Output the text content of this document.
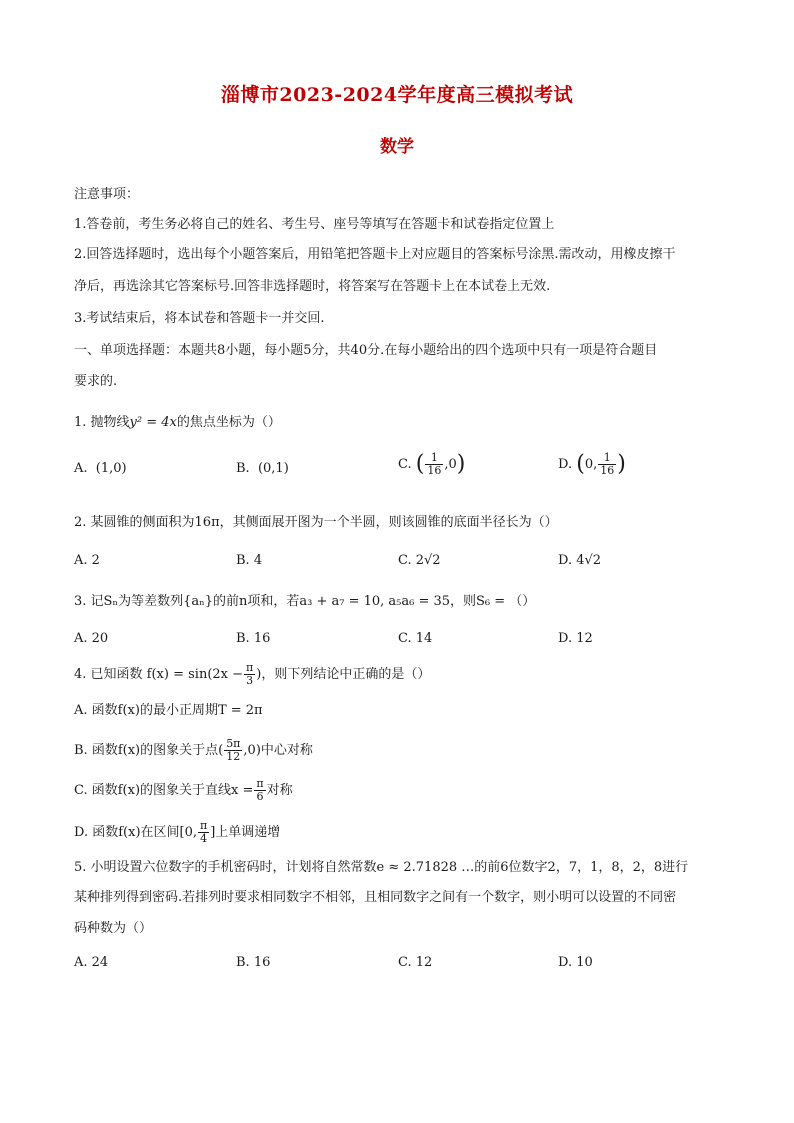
淄博市2023-2024学年度高三模拟考试
数学
注意事项：
1.答卷前，考生务必将自己的姓名、考生号、座号等填写在答题卡和试卷指定位置上
2.回答选择题时，选出每个小题答案后，用铅笔把答题卡上对应题目的答案标号涂黑.需改动，用橡皮擦干
净后，再选涂其它答案标号.回答非选择题时，将答案写在答题卡上在本试卷上无效.
3.考试结束后，将本试卷和答题卡一并交回.
一、单项选择题：本题共8小题，每小题5分，共40分.在每小题给出的四个选项中只有一项是符合题目
要求的.
1. 抛物线y² = 4x的焦点坐标为（）
A. (1,0)	B. (0,1)	C. ( $\frac{1}{16} ,0$)	D. (0, $\frac{1}{16}$ )
2. 某圆锥的侧面积为16π，其侧面展开图为一个半圆，则该圆锥的底面半径长为（）
A. 2	B. 4	C. 2√2	D. 4√2
3. 记Sₙ为等差数列{aₙ}的前n项和，若a₃ + a₇ = 10, a₅a₆ = 35，则S₆ = （）
A. 20	B. 16	C. 14	D. 12
4. 已知函数 $f(x) = \sin(2x - \frac{\pi}{3}$ )，则下列结论中正确的是（）
A. 函数f(x)的最小正周期T = 2π
B. 函数f(x)的图象关于点( $\frac{5\pi}{12} ,0$)中心对称
C. 函数f(x)的图象关于直线$x = \frac{\pi}{6}$ 对称
D. 函数f(x)在区间[0, $\frac{\pi}{4}$ ]上单调递增
5. 小明设置六位数字的手机密码时，计划将自然常数e ≈ 2.71828 …的前6位数字2，7，1，8，2，8进行
某种排列得到密码.若排列时要求相同数字不相邻，且相同数字之间有一个数字，则小明可以设置的不同密
码种数为（）
A. 24	B. 16	C. 12	D. 10
